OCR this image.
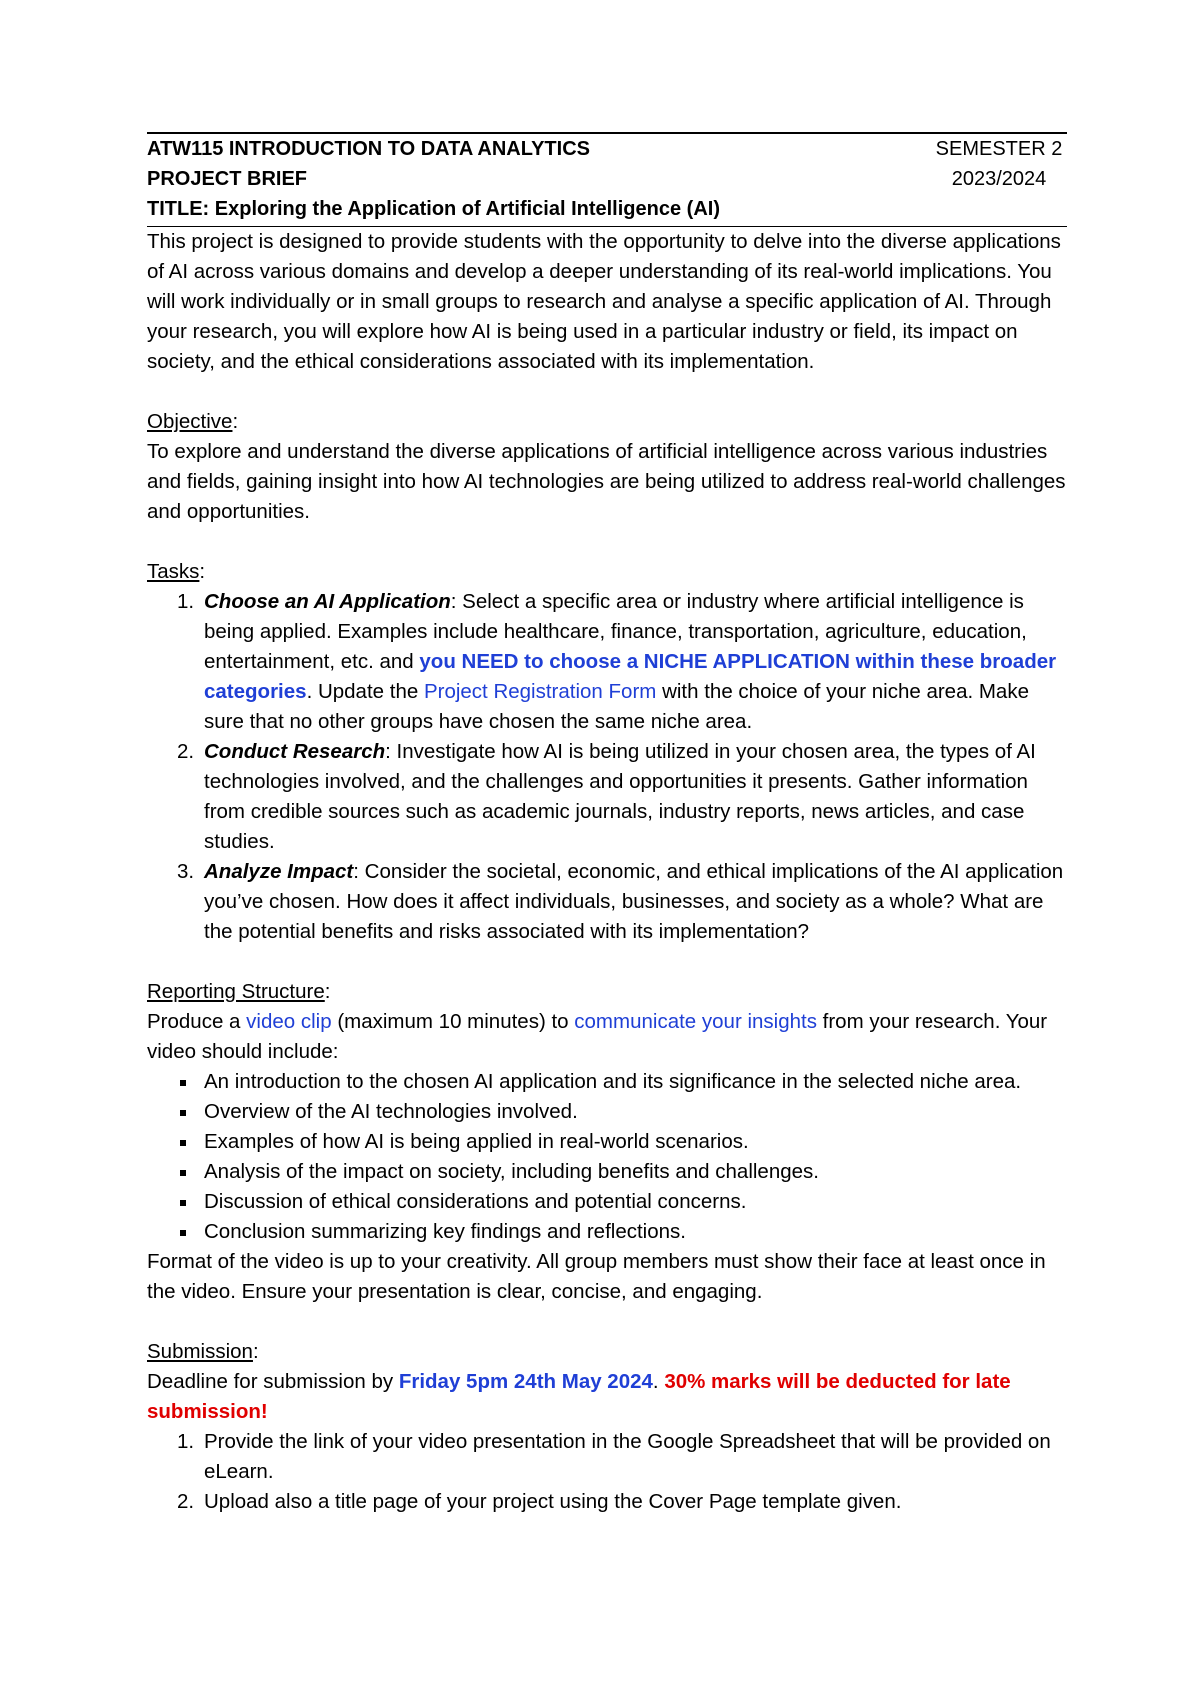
ATW115 INTRODUCTION TO DATA ANALYTICS	SEMESTER 2
PROJECT BRIEF	2023/2024
TITLE: Exploring the Application of Artificial Intelligence (AI)

This project is designed to provide students with the opportunity to delve into the diverse applications of AI across various domains and develop a deeper understanding of its real-world implications. You will work individually or in small groups to research and analyse a specific application of AI. Through your research, you will explore how AI is being used in a particular industry or field, its impact on society, and the ethical considerations associated with its implementation.

Objective:

To explore and understand the diverse applications of artificial intelligence across various industries and fields, gaining insight into how AI technologies are being utilized to address real-world challenges and opportunities.

Tasks:

1. Choose an AI Application: Select a specific area or industry where artificial intelligence is being applied. Examples include healthcare, finance, transportation, agriculture, education, entertainment, etc. and you NEED to choose a NICHE APPLICATION within these broader categories. Update the Project Registration Form with the choice of your niche area. Make sure that no other groups have chosen the same niche area.
2. Conduct Research: Investigate how AI is being utilized in your chosen area, the types of AI technologies involved, and the challenges and opportunities it presents. Gather information from credible sources such as academic journals, industry reports, news articles, and case studies.
3. Analyze Impact: Consider the societal, economic, and ethical implications of the AI application you’ve chosen. How does it affect individuals, businesses, and society as a whole? What are the potential benefits and risks associated with its implementation?

Reporting Structure:

Produce a video clip (maximum 10 minutes) to communicate your insights from your research. Your video should include:

An introduction to the chosen AI application and its significance in the selected niche area.
Overview of the AI technologies involved.
Examples of how AI is being applied in real-world scenarios.
Analysis of the impact on society, including benefits and challenges.
Discussion of ethical considerations and potential concerns.
Conclusion summarizing key findings and reflections.

Format of the video is up to your creativity. All group members must show their face at least once in the video. Ensure your presentation is clear, concise, and engaging.

Submission:

Deadline for submission by Friday 5pm 24th May 2024. 30% marks will be deducted for late submission!

1. Provide the link of your video presentation in the Google Spreadsheet that will be provided on eLearn.
2. Upload also a title page of your project using the Cover Page template given.
